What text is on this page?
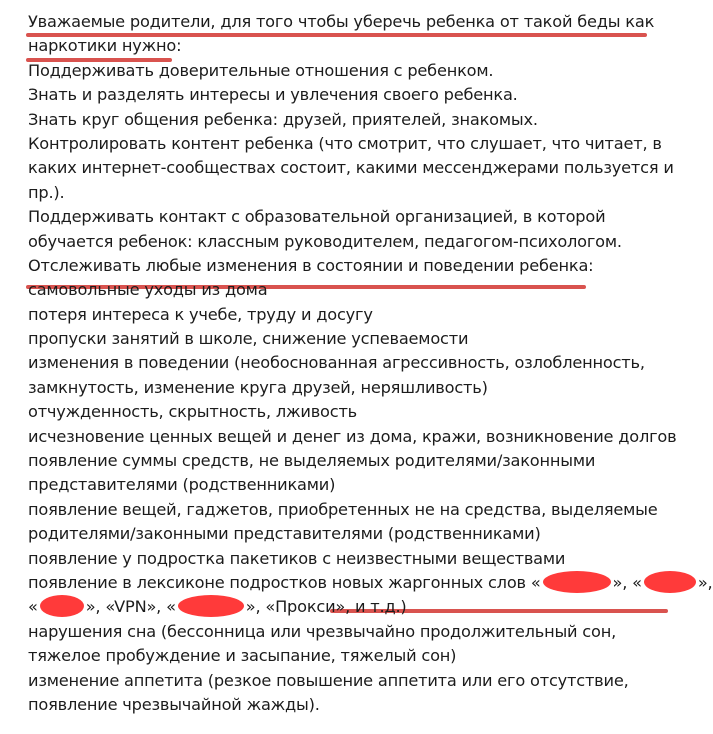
Уважаемые родители, для того чтобы уберечь ребенка от такой беды как
наркотики нужно:
Поддерживать доверительные отношения с ребенком.
Знать и разделять интересы и увлечения своего ребенка.
Знать круг общения ребенка: друзей, приятелей, знакомых.
Контролировать контент ребенка (что смотрит, что слушает, что читает, в
каких интернет-сообществах состоит, какими мессенджерами пользуется и
пр.).
Поддерживать контакт с образовательной организацией, в которой
обучается ребенок: классным руководителем, педагогом-психологом.
Отслеживать любые изменения в состоянии и поведении ребенка:
самовольные уходы из дома
потеря интереса к учебе, труду и досугу
пропуски занятий в школе, снижение успеваемости
изменения в поведении (необоснованная агрессивность, озлобленность,
замкнутость, изменение круга друзей, неряшливость)
отчужденность, скрытность, лживость
исчезновение ценных вещей и денег из дома, кражи, возникновение долгов
появление суммы средств, не выделяемых родителями/законными
представителями (родственниками)
появление вещей, гаджетов, приобретенных не на средства, выделяемые
родителями/законными представителями (родственниками)
появление у подростка пакетиков с неизвестными веществами
появление в лексиконе подростков новых жаргонных слов «	», «	»,
«	», «VPN», «	», «Прокси», и т.д.)
нарушения сна (бессонница или чрезвычайно продолжительный сон,
тяжелое пробуждение и засыпание, тяжелый сон)
изменение аппетита (резкое повышение аппетита или его отсутствие,
появление чрезвычайной жажды).
